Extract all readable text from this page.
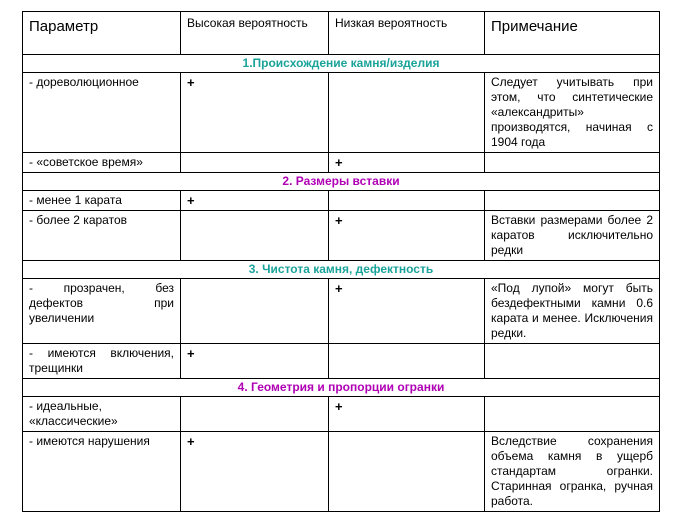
Параметр	Высокая вероятность	Низкая вероятность	Примечание
1.Происхождение камня/изделия			
- дореволюционное	+		Следует учитывать при этом, что синтетические «александриты» производятся, начиная с 1904 года
- «советское время»		+	
2. Размеры вставки			
- менее 1 карата	+		
- более 2 каратов		+	Вставки размерами более 2 каратов исключительно редки
3. Чистота камня, дефектность			
- прозрачен, без дефектов при увеличении		+	«Под лупой» могут быть бездефектными камни 0.6 карата и менее. Исключения редки.
- имеются включения, трещинки	+		
4. Геометрия и пропорции огранки			
- идеальные, «классические»		+	
- имеются нарушения	+		Вследствие сохранения объема камня в ущерб стандартам огранки. Старинная огранка, ручная работа.
